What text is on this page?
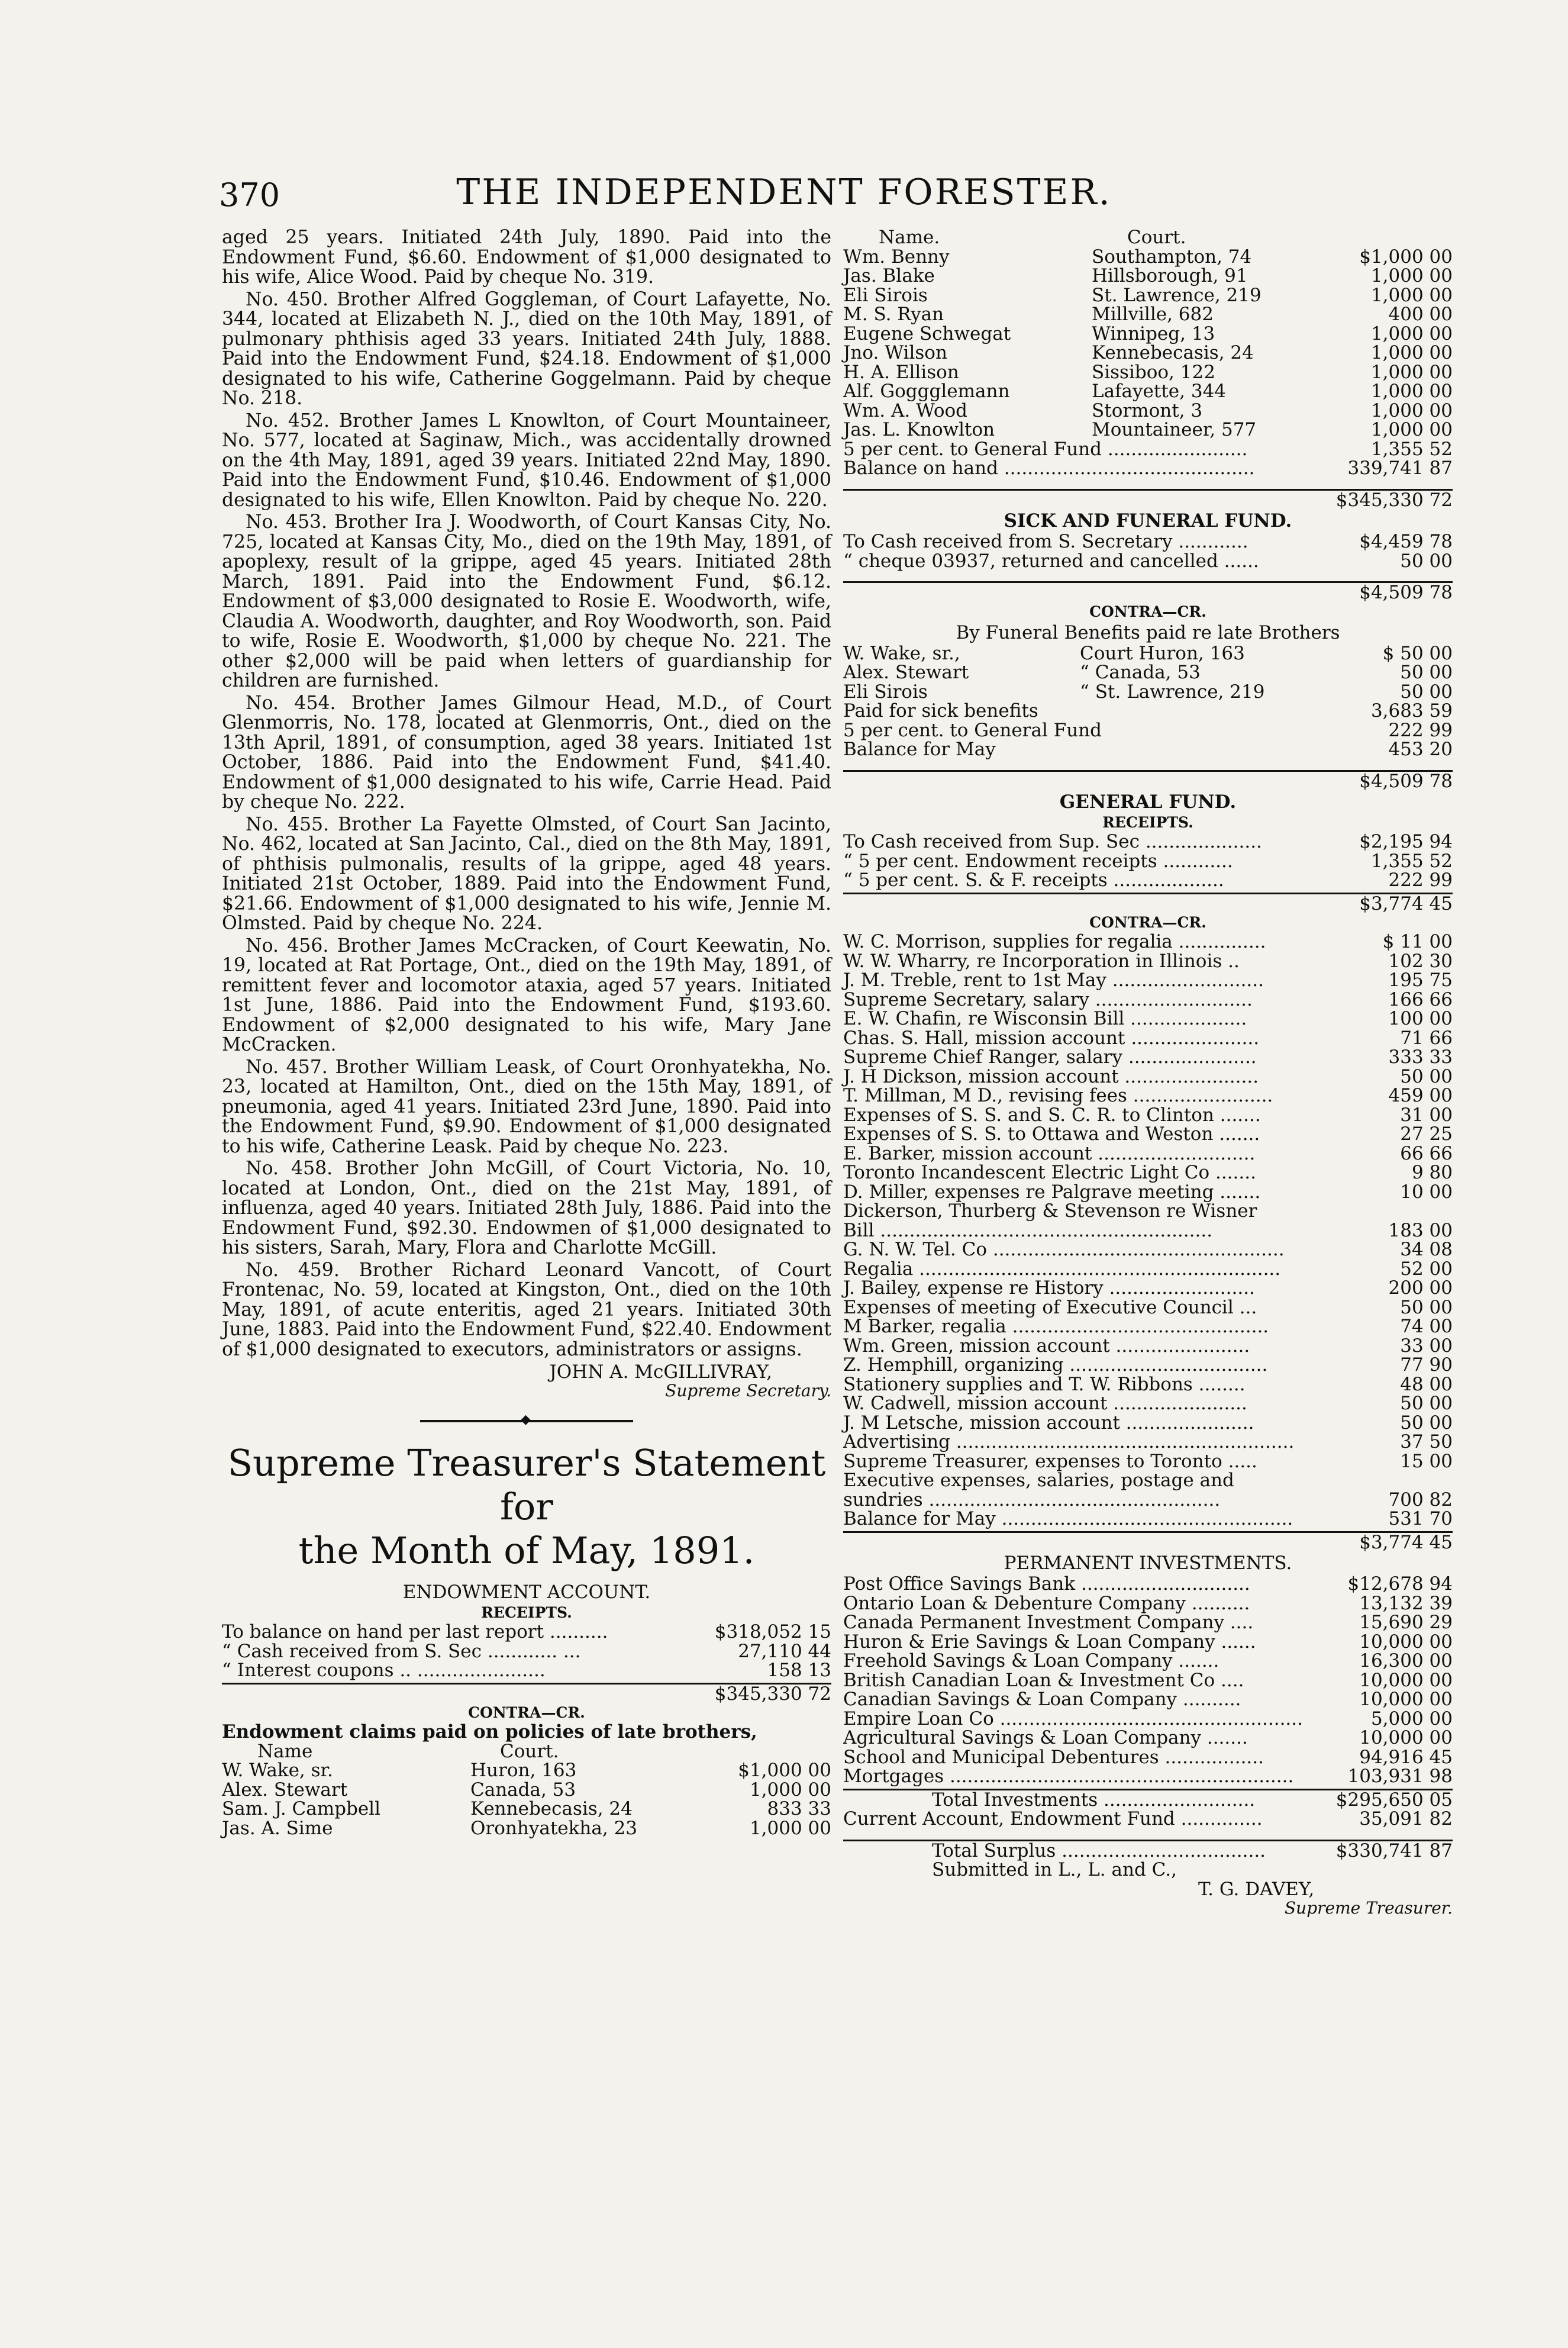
370	THE INDEPENDENT FORESTER.

aged 25 years. Initiated 24th July, 1890. Paid into the Endowment Fund, $6.60. Endowment of $1,000 designated to his wife, Alice Wood. Paid by cheque No. 319.

No. 450. Brother Alfred Goggleman, of Court Lafayette, No. 344, located at Elizabeth N. J., died on the 10th May, 1891, of pulmonary phthisis aged 33 years. Initiated 24th July, 1888. Paid into the Endowment Fund, $24.18. Endowment of $1,000 designated to his wife, Catherine Goggelmann. Paid by cheque No. 218.

No. 452. Brother James L Knowlton, of Court Mountaineer, No. 577, located at Saginaw, Mich., was accidentally drowned on the 4th May, 1891, aged 39 years. Initiated 22nd May, 1890. Paid into the Endowment Fund, $10.46. Endowment of $1,000 designated to his wife, Ellen Knowlton. Paid by cheque No. 220.

No. 453. Brother Ira J. Woodworth, of Court Kansas City, No. 725, located at Kansas City, Mo., died on the 19th May, 1891, of apoplexy, result of la grippe, aged 45 years. Initiated 28th March, 1891. Paid into the Endowment Fund, $6.12. Endowment of $3,000 designated to Rosie E. Woodworth, wife, Claudia A. Woodworth, daughter, and Roy Woodworth, son. Paid to wife, Rosie E. Woodworth, $1,000 by cheque No. 221. The other $2,000 will be paid when letters of guardianship for children are furnished.

No. 454. Brother James Gilmour Head, M.D., of Court Glenmorris, No. 178, located at Glenmorris, Ont., died on the 13th April, 1891, of consumption, aged 38 years. Initiated 1st October, 1886. Paid into the Endowment Fund, $41.40. Endowment of $1,000 designated to his wife, Carrie Head. Paid by cheque No. 222.

No. 455. Brother La Fayette Olmsted, of Court San Jacinto, No. 462, located at San Jacinto, Cal., died on the 8th May, 1891, of phthisis pulmonalis, results of la grippe, aged 48 years. Initiated 21st October, 1889. Paid into the Endowment Fund, $21.66. Endowment of $1,000 designated to his wife, Jennie M. Olmsted. Paid by cheque No. 224.

No. 456. Brother James McCracken, of Court Keewatin, No. 19, located at Rat Portage, Ont., died on the 19th May, 1891, of remittent fever and locomotor ataxia, aged 57 years. Initiated 1st June, 1886. Paid into the Endowment Fund, $193.60. Endowment of $2,000 designated to his wife, Mary Jane McCracken.

No. 457. Brother William Leask, of Court Oronhyatekha, No. 23, located at Hamilton, Ont., died on the 15th May, 1891, of pneumonia, aged 41 years. Initiated 23rd June, 1890. Paid into the Endowment Fund, $9.90. Endowment of $1,000 designated to his wife, Catherine Leask. Paid by cheque No. 223.

No. 458. Brother John McGill, of Court Victoria, No. 10, located at London, Ont., died on the 21st May, 1891, of influenza, aged 40 years. Initiated 28th July, 1886. Paid into the Endowment Fund, $92.30. Endowmen of $1,000 designated to his sisters, Sarah, Mary, Flora and Charlotte McGill.

No. 459. Brother Richard Leonard Vancott, of Court Frontenac, No. 59, located at Kingston, Ont., died on the 10th May, 1891, of acute enteritis, aged 21 years. Initiated 30th June, 1883. Paid into the Endowment Fund, $22.40. Endowment of $1,000 designated to executors, administrators or assigns.

JOHN A. McGILLIVRAY,
Supreme Secretary.
◆
Supreme Treasurer's Statement for
the Month of May, 1891.
ENDOWMENT ACCOUNT.
RECEIPTS.
To balance on hand per last report ..........	$318,052 15
“ Cash received from S. Sec ............ ...	27,110 44
“ Interest coupons .. ......................	158 13
$345,330 72
CONTRA—CR.
Endowment claims paid on policies of late brothers,
Name	Court.
W. Wake, sr.	Huron, 163	$1,000 00
Alex. Stewart	Canada, 53	1,000 00
Sam. J. Campbell	Kennebecasis, 24	833 33
Jas. A. Sime	Oronhyatekha, 23	1,000 00
Name.	Court.
Wm. Benny	Southampton, 74	$1,000 00
Jas. Blake	Hillsborough, 91	1,000 00
Eli Sirois	St. Lawrence, 219	1,000 00
M. S. Ryan	Millville, 682	400 00
Eugene Schwegat	Winnipeg, 13	1,000 00
Jno. Wilson	Kennebecasis, 24	1,000 00
H. A. Ellison	Sissiboo, 122	1,000 00
Alf. Goggglemann	Lafayette, 344	1,000 00
Wm. A. Wood	Stormont, 3	1,000 00
Jas. L. Knowlton	Mountaineer, 577	1,000 00
5 per cent. to General Fund ........................	1,355 52
Balance on hand ...........................................	339,741 87
$345,330 72
SICK AND FUNERAL FUND.
To Cash received from S. Secretary ............	$4,459 78
“ cheque 03937, returned and cancelled ......	50 00
$4,509 78
CONTRA—CR.
By Funeral Benefits paid re late Brothers
W. Wake, sr.,	Court Huron, 163	$ 50 00
Alex. Stewart	“ Canada, 53	50 00
Eli Sirois	“ St. Lawrence, 219	50 00
Paid for sick benefits	3,683 59
5 per cent. to General Fund	222 99
Balance for May	453 20
$4,509 78
GENERAL FUND.
RECEIPTS.
To Cash received from Sup. Sec ....................	$2,195 94
“ 5 per cent. Endowment receipts ............	1,355 52
“ 5 per cent. S. & F. receipts ...................	222 99
$3,774 45
CONTRA—CR.
W. C. Morrison, supplies for regalia ...............	$ 11 00
W. W. Wharry, re Incorporation in Illinois ..	102 30
J. M. Treble, rent to 1st May ..........................	195 75
Supreme Secretary, salary ...........................	166 66
E. W. Chafin, re Wisconsin Bill ....................	100 00
Chas. S. Hall, mission account ......................	71 66
Supreme Chief Ranger, salary ......................	333 33
J. H Dickson, mission account .......................	50 00
T. Millman, M D., revising fees ........................	459 00
Expenses of S. S. and S. C. R. to Clinton .......	31 00
Expenses of S. S. to Ottawa and Weston .......	27 25
E. Barker, mission account ...........................	66 66
Toronto Incandescent Electric Light Co .......	9 80
D. Miller, expenses re Palgrave meeting .......	10 00
Dickerson, Thurberg & Stevenson re Wisner
Bill .........................................................	183 00
G. N. W. Tel. Co ..................................................	34 08
Regalia ..............................................................	52 00
J. Bailey, expense re History .........................	200 00
Expenses of meeting of Executive Council ...	50 00
M Barker, regalia ............................................	74 00
Wm. Green, mission account .......................	33 00
Z. Hemphill, organizing ..................................	77 90
Stationery supplies and T. W. Ribbons ........	48 00
W. Cadwell, mission account .......................	50 00
J. M Letsche, mission account ......................	50 00
Advertising ..........................................................	37 50
Supreme Treasurer, expenses to Toronto .....	15 00
Executive expenses, salaries, postage and
sundries ..................................................	700 82
Balance for May ..................................................	531 70
$3,774 45
PERMANENT INVESTMENTS.
Post Office Savings Bank .............................	$12,678 94
Ontario Loan & Debenture Company ..........	13,132 39
Canada Permanent Investment Company ....	15,690 29
Huron & Erie Savings & Loan Company ......	10,000 00
Freehold Savings & Loan Company .......	16,300 00
British Canadian Loan & Investment Co ....	10,000 00
Canadian Savings & Loan Company ..........	10,000 00
Empire Loan Co ....................................................	5,000 00
Agricultural Savings & Loan Company .......	10,000 00
School and Municipal Debentures .................	94,916 45
Mortgages ...........................................................	103,931 98
Total Investments ..........................	$295,650 05
Current Account, Endowment Fund ..............	35,091 82
Total Surplus ...................................	$330,741 87
Submitted in L., L. and C.,
T. G. DAVEY,
Supreme Treasurer.
